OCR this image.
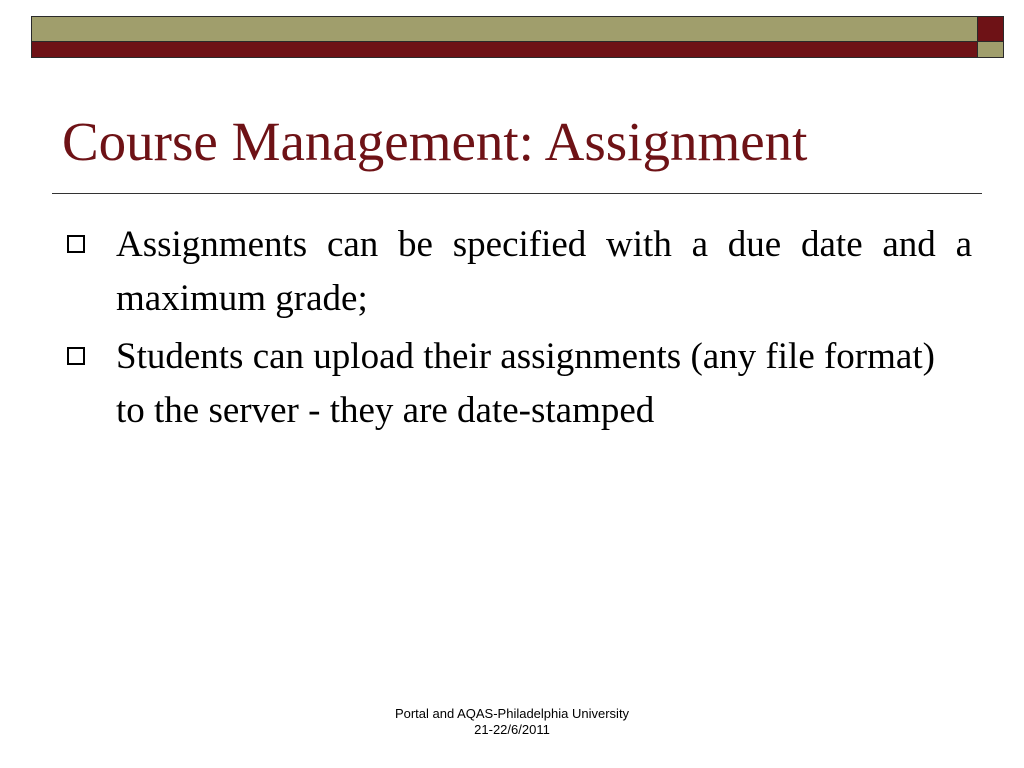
Course Management: Assignment
Assignments can be specified with a due date and a maximum grade;
Students can upload their assignments (any file format) to the server - they are date-stamped
Portal and AQAS-Philadelphia University
21-22/6/2011
